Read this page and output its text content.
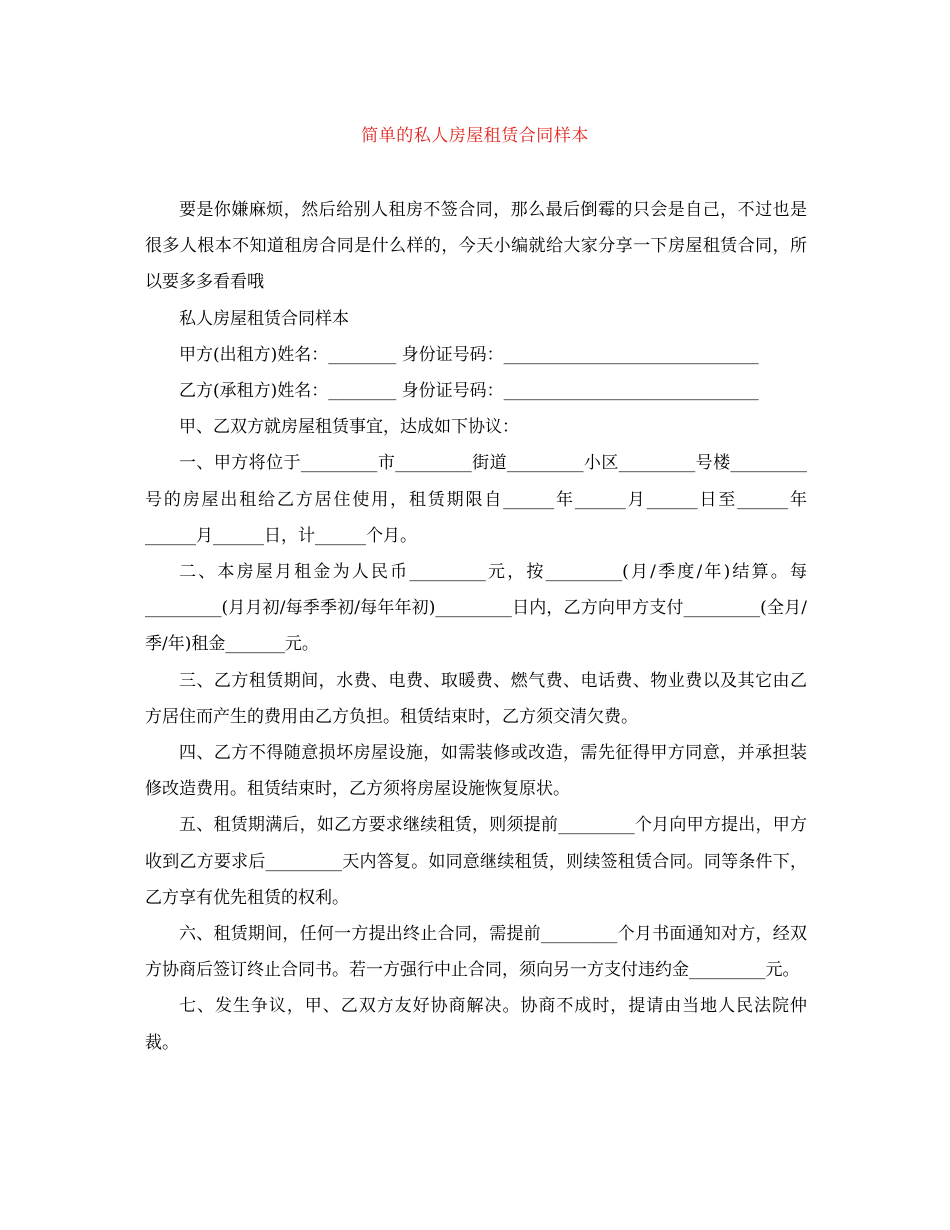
简单的私人房屋租赁合同样本

要是你嫌麻烦，然后给别人租房不签合同，那么最后倒霉的只会是自己，不过也是很多人根本不知道租房合同是什么样的，今天小编就给大家分享一下房屋租赁合同，所以要多多看看哦

私人房屋租赁合同样本

甲方(出租方)姓名：________ 身份证号码：______________________________

乙方(承租方)姓名：________ 身份证号码：______________________________

甲、乙双方就房屋租赁事宜，达成如下协议：

一、甲方将位于_________市_________街道_________小区_________号楼_________号的房屋出租给乙方居住使用，租赁期限自______年______月______日至______年______月______日，计______个月。

二、本房屋月租金为人民币_________元，按_________(月/季度/年)结算。每_________(月月初/每季季初/每年年初)_________日内，乙方向甲方支付_________(全月/季/年)租金_______元。

三、乙方租赁期间，水费、电费、取暖费、燃气费、电话费、物业费以及其它由乙方居住而产生的费用由乙方负担。租赁结束时，乙方须交清欠费。

四、乙方不得随意损坏房屋设施，如需装修或改造，需先征得甲方同意，并承担装修改造费用。租赁结束时，乙方须将房屋设施恢复原状。

五、租赁期满后，如乙方要求继续租赁，则须提前_________个月向甲方提出，甲方收到乙方要求后_________天内答复。如同意继续租赁，则续签租赁合同。同等条件下，乙方享有优先租赁的权利。

六、租赁期间，任何一方提出终止合同，需提前_________个月书面通知对方，经双方协商后签订终止合同书。若一方强行中止合同，须向另一方支付违约金_________元。

七、发生争议，甲、乙双方友好协商解决。协商不成时，提请由当地人民法院仲裁。
